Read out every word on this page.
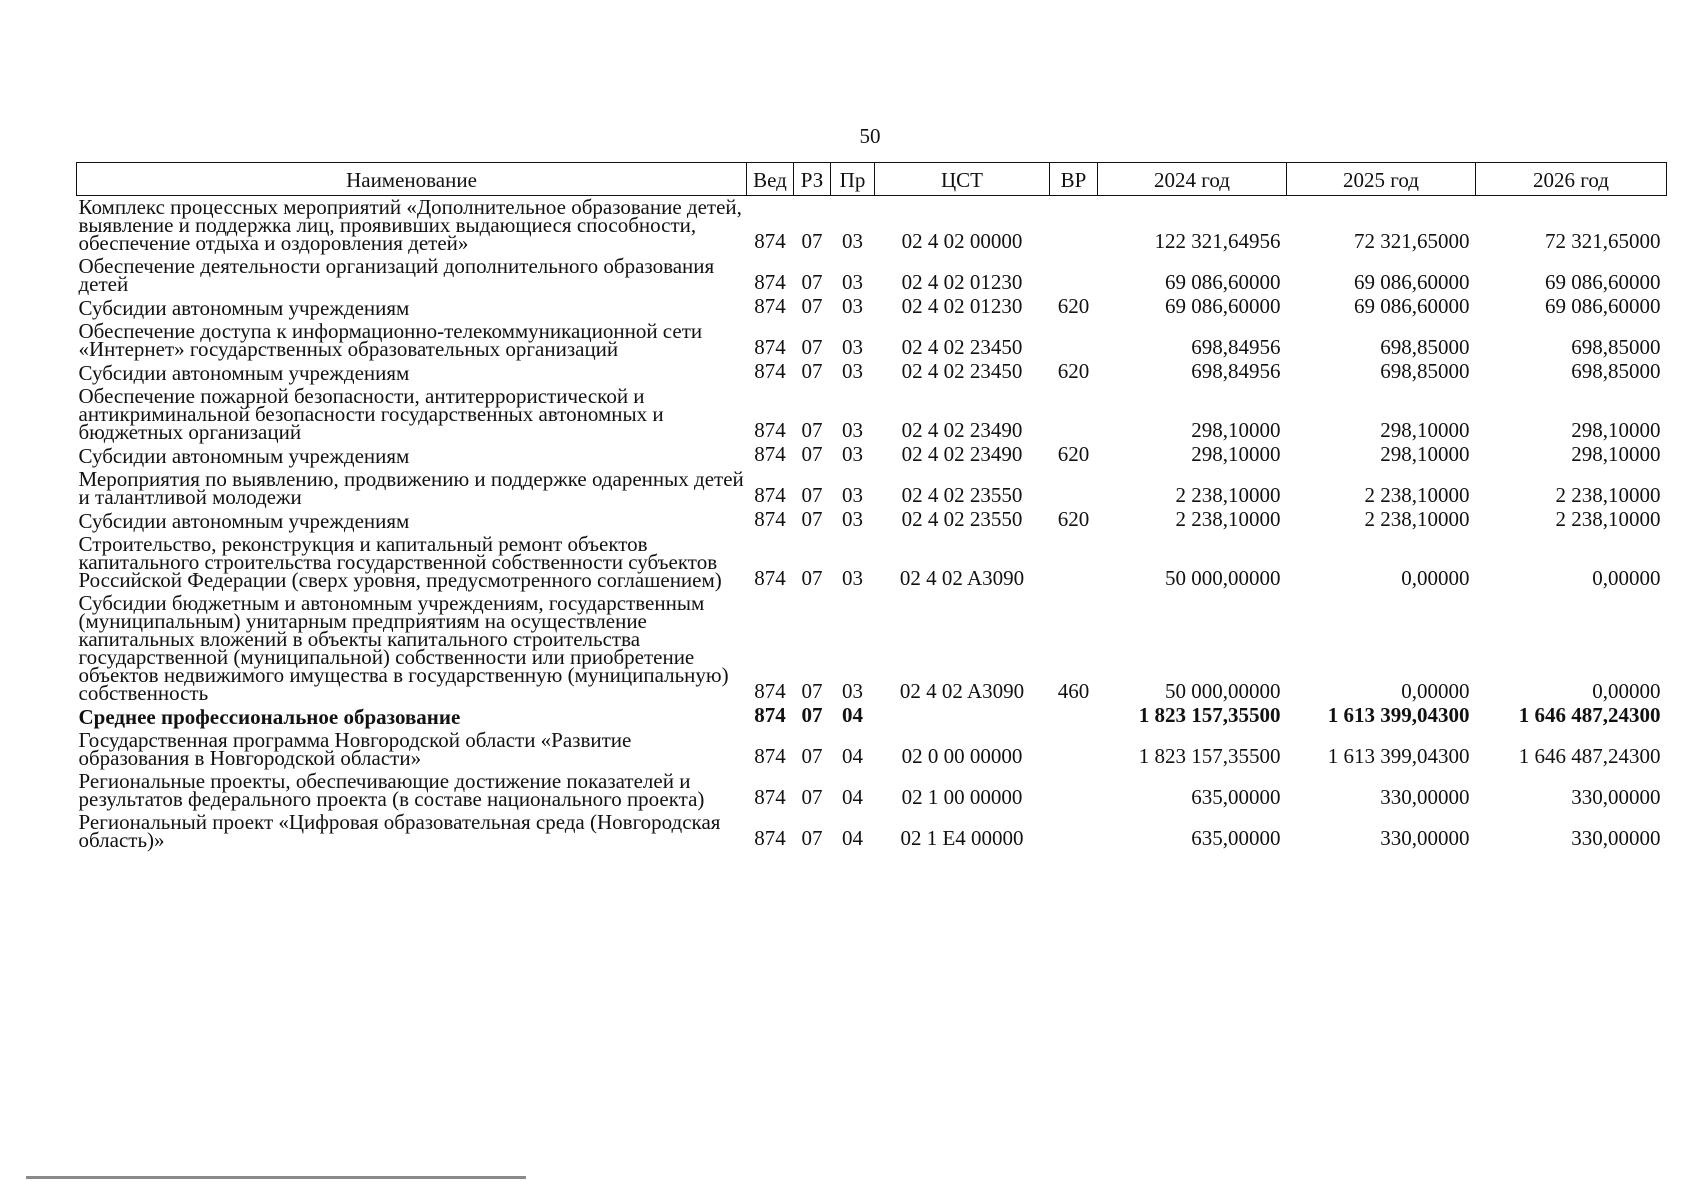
50
Наименование	Вед	РЗ	Пр	ЦСТ	ВР	2024 год	2025 год	2026 год
Комплекс процессных мероприятий «Дополнительное образование детей, выявление и поддержка лиц, проявивших выдающиеся способности, обеспечение отдыха и оздоровления детей»	874	07	03	02 4 02 00000		122 321,64956	72 321,65000	72 321,65000
Обеспечение деятельности организаций дополнительного образования детей	874	07	03	02 4 02 01230		69 086,60000	69 086,60000	69 086,60000
Субсидии автономным учреждениям	874	07	03	02 4 02 01230	620	69 086,60000	69 086,60000	69 086,60000
Обеспечение доступа к информационно-телекоммуникационной сети «Интернет» государственных образовательных организаций	874	07	03	02 4 02 23450		698,84956	698,85000	698,85000
Субсидии автономным учреждениям	874	07	03	02 4 02 23450	620	698,84956	698,85000	698,85000
Обеспечение пожарной безопасности, антитеррористической и антикриминальной безопасности государственных автономных и бюджетных организаций	874	07	03	02 4 02 23490		298,10000	298,10000	298,10000
Субсидии автономным учреждениям	874	07	03	02 4 02 23490	620	298,10000	298,10000	298,10000
Мероприятия по выявлению, продвижению и поддержке одаренных детей и талантливой молодежи	874	07	03	02 4 02 23550		2 238,10000	2 238,10000	2 238,10000
Субсидии автономным учреждениям	874	07	03	02 4 02 23550	620	2 238,10000	2 238,10000	2 238,10000
Строительство, реконструкция и капитальный ремонт объектов капитального строительства государственной собственности субъектов Российской Федерации (сверх уровня, предусмотренного соглашением)	874	07	03	02 4 02 A3090		50 000,00000	0,00000	0,00000
Субсидии бюджетным и автономным учреждениям, государственным (муниципальным) унитарным предприятиям на осуществление капитальных вложений в объекты капитального строительства государственной (муниципальной) собственности или приобретение объектов недвижимого имущества в государственную (муниципальную) собственность	874	07	03	02 4 02 A3090	460	50 000,00000	0,00000	0,00000
Среднее профессиональное образование	874	07	04			1 823 157,35500	1 613 399,04300	1 646 487,24300
Государственная программа Новгородской области «Развитие образования в Новгородской области»	874	07	04	02 0 00 00000		1 823 157,35500	1 613 399,04300	1 646 487,24300
Региональные проекты, обеспечивающие достижение показателей и результатов федерального проекта (в составе национального проекта)	874	07	04	02 1 00 00000		635,00000	330,00000	330,00000
Региональный проект «Цифровая образовательная среда (Новгородская область)»	874	07	04	02 1 E4 00000		635,00000	330,00000	330,00000
